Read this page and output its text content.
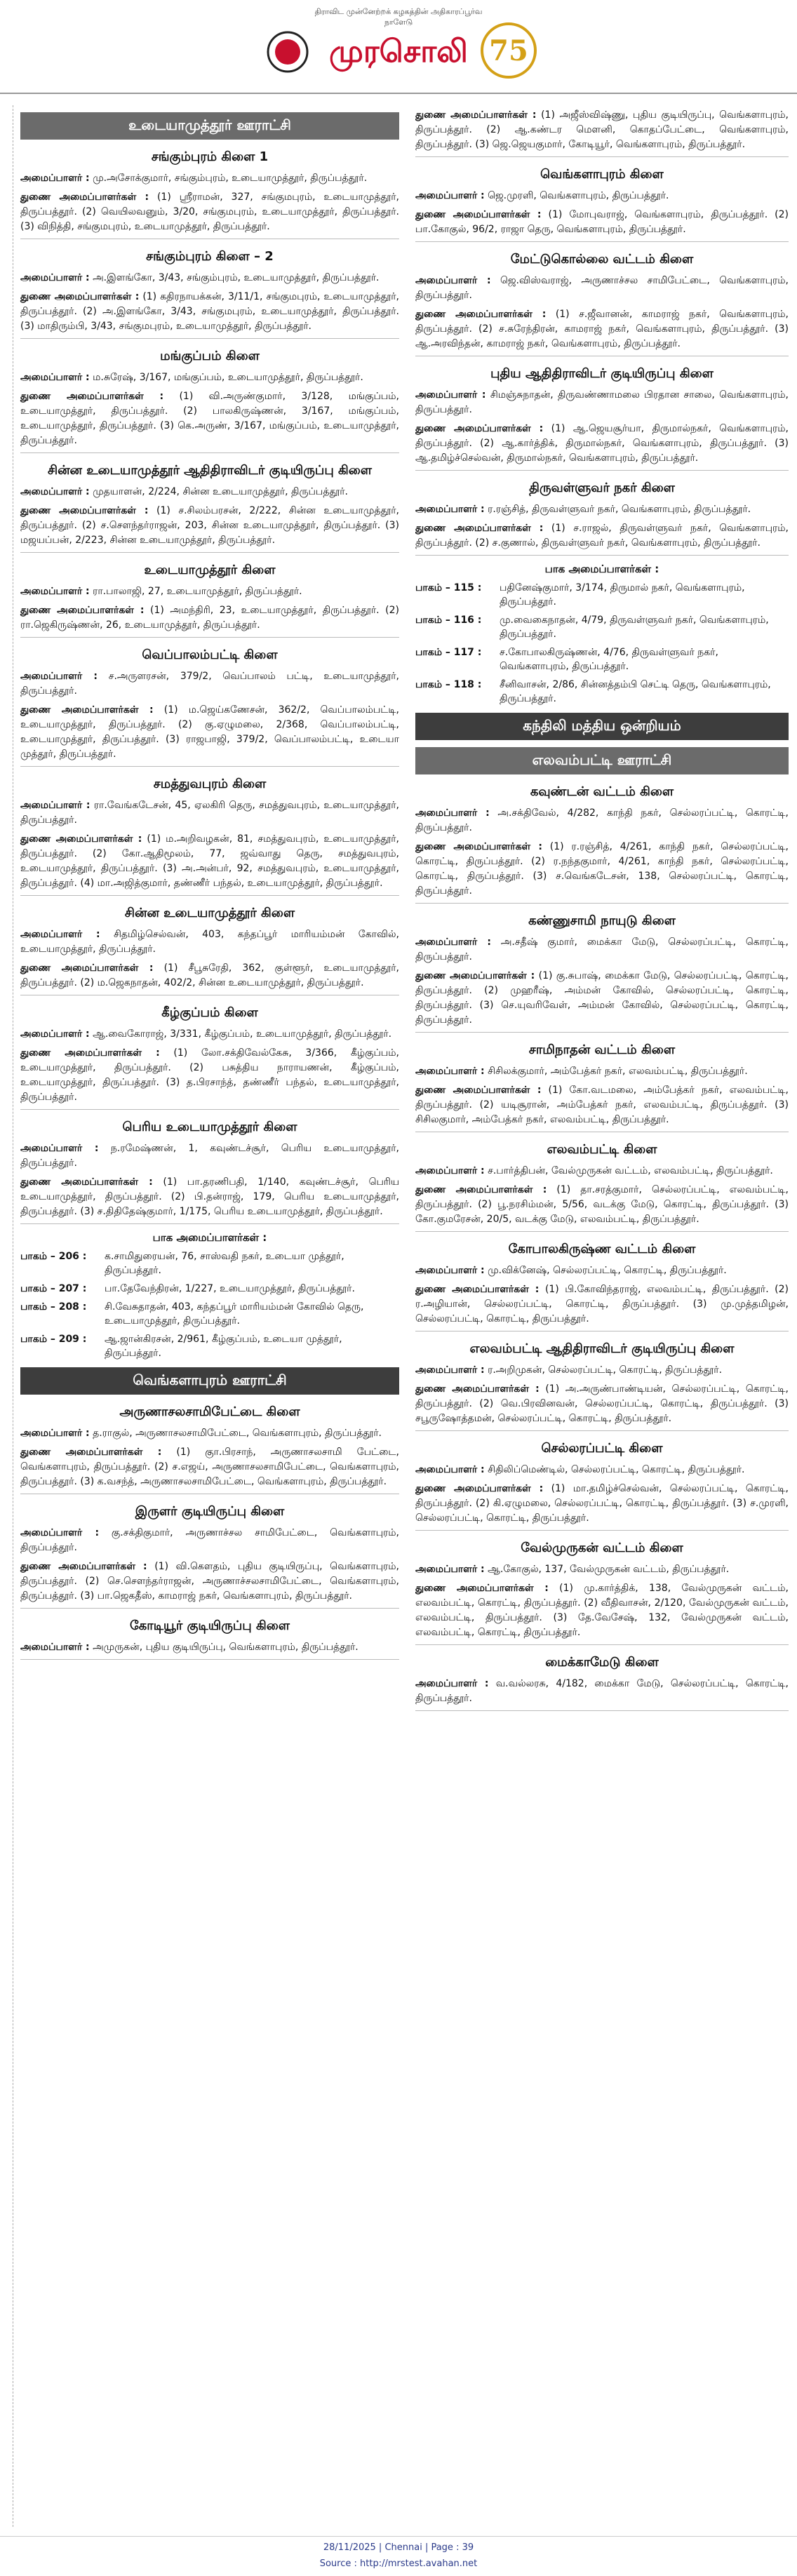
திராவிட முன்னேற்றக் கழகத்தின் அதிகாரப்பூர்வ நாளேடு
முரசொலி 75
உடையாமுத்தூர் ஊராட்சி
சங்கும்புரம் கிளை 1
அமைப்பாளர் : மு.அசோக்குமார், சங்கும்புரம், உடையாமுத்தூர், திருப்பத்தூர்.
துணை அமைப்பாளர்கள் : (1) ஸ்ரீராமன், 327, சங்குமபுரம், உடையாமுத்தூர், திருப்பத்தூர். (2) வெயிலவனும், 3/20, சங்குமபுரம், உடையாமுத்தூர், திருப்பத்தூர். (3) விநித்தி, சங்குமபுரம், உடையாமுத்தூர், திருப்பத்தூர்.
சங்கும்புரம் கிளை – 2
அமைப்பாளர் : அ.இளங்கோ, 3/43, சங்கும்புரம், உடையாமுத்தூர், திருப்பத்தூர்.
துணை அமைப்பாளர்கள் : (1) கதிரநாயக்கன், 3/11/1, சங்குமபுரம், உடையாமுத்தூர், திருப்பத்தூர். (2) அ.இளங்கோ, 3/43, சங்குமபுரம், உடையாமுத்தூர், திருப்பத்தூர். (3) மாதிரும்பி, 3/43, சங்குமபுரம், உடையாமுத்தூர், திருப்பத்தூர்.
மங்குப்பம் கிளை
அமைப்பாளர் : ம.சுரேஷ், 3/167, மங்குப்பம், உடையாமுத்தூர், திருப்பத்தூர்.
துணை அமைப்பாளர்கள் : (1) வி.அருண்குமார், 3/128, மங்குப்பம், உடையாமுத்தூர், திருப்பத்தூர். (2) பாலகிருஷ்ணன், 3/167, மங்குப்பம், உடையாமுத்தூர், திருப்பத்தூர். (3) கெ.அருண், 3/167, மங்குப்பம், உடையாமுத்தூர், திருப்பத்தூர்.
சின்ன உடையாமுத்தூர் ஆதிதிராவிடர் குடியிருப்பு கிளை
அமைப்பாளர் : முதயாளன், 2/224, சின்ன உடையாமுத்தூர், திருப்பத்தூர்.
துணை அமைப்பாளர்கள் : (1) ச.சிலம்பரசன், 2/222, சின்ன உடையாமுத்தூர், திருப்பத்தூர். (2) ச.சௌந்தர்ராஜன், 203, சின்ன உடையாமுத்தூர், திருப்பத்தூர். (3) மஜயப்பன், 2/223, சின்ன உடையாமுத்தூர், திருப்பத்தூர்.
உடையாமுத்தூர் கிளை
அமைப்பாளர் : ரா.பாலாஜி, 27, உடையாமுத்தூர், திருப்பத்தூர்.
துணை அமைப்பாளர்கள் : (1) அமந்திரி, 23, உடையாமுத்தூர், திருப்பத்தூர். (2) ரா.ஜெகிருஷ்ணன், 26, உடையாமுத்தூர், திருப்பத்தூர்.
வெப்பாலம்பட்டி கிளை
அமைப்பாளர் : ச.அருளரசன், 379/2, வெப்பாலம் பட்டி, உடையாமுத்தூர், திருப்பத்தூர்.
துணை அமைப்பாளர்கள் : (1) ம.ஜெய்கணேசன், 362/2, வெப்பாலம்பட்டி, உடையாமுத்தூர், திருப்பத்தூர். (2) கு.ஏழுமலை, 2/368, வெப்பாலம்பட்டி, உடையாமுத்தூர், திருப்பத்தூர். (3) ராஜபாஜி, 379/2, வெப்பாலம்பட்டி, உடையா முத்தூர், திருப்பத்தூர்.
சமத்துவபுரம் கிளை
அமைப்பாளர் : ரா.வேங்கடேசன், 45, ஏலகிரி தெரு, சமத்துவபுரம், உடையாமுத்தூர், திருப்பத்தூர்.
துணை அமைப்பாளர்கள் : (1) ம.அறிவழகன், 81, சமத்துவபுரம், உடையாமுத்தூர், திருப்பத்தூர். (2) கோ.ஆதிமூலம், 77, ஜவ்வாது தெரு, சமத்துவபுரம், உடையாமுத்தூர், திருப்பத்தூர். (3) அ.அன்பர், 92, சமத்துவபுரம், உடையாமுத்தூர், திருப்பத்தூர். (4) மா.அஜித்குமார், தண்ணீர் பந்தல், உடையாமுத்தூர், திருப்பத்தூர்.
சின்ன உடையாமுத்தூர் கிளை
அமைப்பாளர் : சிதமிழ்செல்வன், 403, கந்தப்பூர் மாரியம்மன் கோவில், உடையாமுத்தூர், திருப்பத்தூர்.
துணை அமைப்பாளர்கள் : (1) சீபூசுரேதி, 362, குள்ளூர், உடையாமுத்தூர், திருப்பத்தூர். (2) ம.ஜெகநாதன், 402/2, சின்ன உடையாமுத்தூர், திருப்பத்தூர்.
கீழ்குப்பம் கிளை
அமைப்பாளர் : ஆ.வைகோராஜ், 3/331, கீழ்குப்பம், உடையாமுத்தூர், திருப்பத்தூர்.
துணை அமைப்பாளர்கள் : (1) லோ.சக்திவேல்கேசு, 3/366, கீழ்குப்பம், உடையாமுத்தூர், திருப்பத்தூர். (2) பசுத்திய நாராயணன், கீழ்குப்பம், உடையாமுத்தூர், திருப்பத்தூர். (3) த.பிரசாந்த், தண்ணீர் பந்தல், உடையாமுத்தூர், திருப்பத்தூர்.
பெரிய உடையாமுத்தூர் கிளை
அமைப்பாளர் : ந.ரமேஷ்ணன், 1, கவுண்டச்சூர், பெரிய உடையாமுத்தூர், திருப்பத்தூர்.
துணை அமைப்பாளர்கள் : (1) பா.தரணிபதி, 1/140, கவுண்டச்சூர், பெரிய உடையாமுத்தூர், திருப்பத்தூர். (2) பி.தன்ராஜ், 179, பெரிய உடையாமுத்தூர், திருப்பத்தூர். (3) ச.திதிதேஷ்குமார், 1/175, பெரிய உடையாமுத்தூர், திருப்பத்தூர்.
பாக அமைப்பாளர்கள் :
பாகம் – 206 :	க.சாமிதுரையன், 76, சாஸ்வதி நகர், உடையா முத்தூர், திருப்பத்தூர்.
பாகம் – 207 :	பா.தேவேந்திரன், 1/227, உடையாமுத்தூர், திருப்பத்தூர்.
பாகம் – 208 :	சி.வேசுதாதன், 403, கந்தப்பூர் மாரியம்மன் கோவில் தெரு, உடையாமுத்தூர், திருப்பத்தூர்.
பாகம் – 209 :	ஆ.ஜான்கிரசன், 2/961, கீழ்குப்பம், உடையா முத்தூர், திருப்பத்தூர்.
வெங்களாபுரம் ஊராட்சி
அருணாசலசாமிபேட்டை கிளை
அமைப்பாளர் : த.ராகுல், அருணாசலசாமிபேட்டை, வெங்களாபுரம், திருப்பத்தூர்.
துணை அமைப்பாளர்கள் : (1) குா.பிரசாந், அருணாசலசாமி பேட்டை, வெங்களாபுரம், திருப்பத்தூர். (2) ச.எஜய், அருணாசலசாமிபேட்டை, வெங்களாபுரம், திருப்பத்தூர். (3) க.வசந்த், அருணாசலசாமிபேட்டை, வெங்களாபுரம், திருப்பத்தூர்.
இருளர் குடியிருப்பு கிளை
அமைப்பாளர் : கு.சக்திகுமார், அருணாச்சல சாமிபேட்டை, வெங்களாபுரம், திருப்பத்தூர்.
துணை அமைப்பாளர்கள் : (1) வி.கௌதம், புதிய குடியிருப்பு, வெங்களாபுரம், திருப்பத்தூர். (2) செ.சௌந்தர்ராஜன், அருணாச்சலசாமிபேட்டை, வெங்களாபுரம், திருப்பத்தூர். (3) பா.ஜெகதீஸ், காமராஜ் நகர், வெங்களாபுரம், திருப்பத்தூர்.
கோடியூர் குடியிருப்பு கிளை
அமைப்பாளர் : அமுருகன், புதிய குடியிருப்பு, வெங்களாபுரம், திருப்பத்தூர்.
துணை அமைப்பாளர்கள் : (1) அஜீஸ்விஷ்ணு, புதிய குடியிருப்பு, வெங்களாபுரம், திருப்பத்தூர். (2) ஆ.கண்டர மௌனி, கொதப்பேட்டை, வெங்களாபுரம், திருப்பத்தூர். (3) ஜெ.ஜெயகுமார், கோடியூர், வெங்களாபுரம், திருப்பத்தூர்.
வெங்களாபுரம் கிளை
அமைப்பாளர் : ஜெ.முரளி, வெங்களாபுரம், திருப்பத்தூர்.
துணை அமைப்பாளர்கள் : (1) மோபுவராஜ், வெங்களாபுரம், திருப்பத்தூர். (2) பா.கோகுல், 96/2, ராஜா தெரு, வெங்களாபுரம், திருப்பத்தூர்.
மேட்டுகொல்லை வட்டம் கிளை
அமைப்பாளர் : ஜெ.விஸ்வராஜ், அருணாச்சல சாமிபேட்டை, வெங்களாபுரம், திருப்பத்தூர்.
துணை அமைப்பாளர்கள் : (1) ச.ஜீவானன், காமராஜ் நகர், வெங்களாபுரம், திருப்பத்தூர். (2) ச.சுரேந்திரன், காமராஜ் நகர், வெங்களாபுரம், திருப்பத்தூர். (3) ஆ.அரவிந்தன், காமராஜ் நகர், வெங்களாபுரம், திருப்பத்தூர்.
புதிய ஆதிதிராவிடர் குடியிருப்பு கிளை
அமைப்பாளர் : சிமஞ்சுநாதன், திருவண்ணாமலை பிரதான சாலை, வெங்களாபுரம், திருப்பத்தூர்.
துணை அமைப்பாளர்கள் : (1) ஆ.ஜெயசூர்யா, திருமால்நகர், வெங்களாபுரம், திருப்பத்தூர். (2) ஆ.கார்த்திக், திருமால்நகர், வெங்களாபுரம், திருப்பத்தூர். (3) ஆ.தமிழ்ச்செல்வன், திருமால்நகர், வெங்களாபுரம், திருப்பத்தூர்.
திருவள்ளுவர் நகர் கிளை
அமைப்பாளர் : ர.ரஞ்சித், திருவள்ளுவர் நகர், வெங்களாபுரம், திருப்பத்தூர்.
துணை அமைப்பாளர்கள் : (1) ச.ராஜல், திருவள்ளுவர் நகர், வெங்களாபுரம், திருப்பத்தூர். (2) ச.குணால், திருவள்ளுவர் நகர், வெங்களாபுரம், திருப்பத்தூர்.
பாக அமைப்பாளர்கள் :
பாகம் – 115 :	பதினேஷ்குமார், 3/174, திருமால் நகர், வெங்களாபுரம், திருப்பத்தூர்.
பாகம் – 116 :	மு.வைகைநாதன், 4/79, திருவள்ளுவர் நகர், வெங்களாபுரம், திருப்பத்தூர்.
பாகம் – 117 :	ச.கோபாலகிருஷ்ணன், 4/76, திருவள்ளுவர் நகர், வெங்களாபுரம், திருப்பத்தூர்.
பாகம் – 118 :	சீனிவாசன், 2/86, சின்னத்தம்பி செட்டி தெரு, வெங்களாபுரம், திருப்பத்தூர்.
கந்திலி மத்திய ஒன்றியம்
எலவம்பட்டி ஊராட்சி
கவுண்டன் வட்டம் கிளை
அமைப்பாளர் : அ.சக்திவேல், 4/282, காந்தி நகர், செல்லரப்பட்டி, கொரட்டி, திருப்பத்தூர்.
துணை அமைப்பாளர்கள் : (1) ர.ரஞ்சித், 4/261, காந்தி நகர், செல்லரப்பட்டி, கொரட்டி, திருப்பத்தூர். (2) ர.நந்தகுமார், 4/261, காந்தி நகர், செல்லரப்பட்டி, கொரட்டி, திருப்பத்தூர். (3) ச.வெங்கடேசன், 138, செல்லரப்பட்டி, கொரட்டி, திருப்பத்தூர்.
கண்ணுசாமி நாயுடு கிளை
அமைப்பாளர் : அ.சதீஷ் குமார், மைக்கா மேடு, செல்லரப்பட்டி, கொரட்டி, திருப்பத்தூர்.
துணை அமைப்பாளர்கள் : (1) கு.சுபாஷ், மைக்கா மேடு, செல்லரப்பட்டி, கொரட்டி, திருப்பத்தூர். (2) முஹரீஷ், அம்மன் கோவில், செல்லரப்பட்டி, கொரட்டி, திருப்பத்தூர். (3) செ.யுவரிவேள், அம்மன் கோவில், செல்லரப்பட்டி, கொரட்டி, திருப்பத்தூர்.
சாமிநாதன் வட்டம் கிளை
அமைப்பாளர் : சிசிலக்குமார், அம்பேத்கர் நகர், எலவம்பட்டி, திருப்பத்தூர்.
துணை அமைப்பாளர்கள் : (1) கோ.வடமலை, அம்பேத்கர் நகர், எலவம்பட்டி, திருப்பத்தூர். (2) யடிசூரான், அம்பேத்கர் நகர், எலவம்பட்டி, திருப்பத்தூர். (3) சிசிலகுமார், அம்பேத்கர் நகர், எலவம்பட்டி, திருப்பத்தூர்.
எலவம்பட்டி கிளை
அமைப்பாளர் : ச.பார்த்திபன், வேல்முருகன் வட்டம், எலவம்பட்டி, திருப்பத்தூர்.
துணை அமைப்பாளர்கள் : (1) தா.சரத்குமார், செல்லரப்பட்டி, எலவம்பட்டி, திருப்பத்தூர். (2) பூ.நரசிம்மன், 5/56, வடக்கு மேடு, கொரட்டி, திருப்பத்தூர். (3) கோ.குமரேசன், 20/5, வடக்கு மேடு, எலவம்பட்டி, திருப்பத்தூர்.
கோபாலகிருஷ்ண வட்டம் கிளை
அமைப்பாளர் : மு.விக்னேஷ், செல்லரப்பட்டி, கொரட்டி, திருப்பத்தூர்.
துணை அமைப்பாளர்கள் : (1) பி.கோவிந்தராஜ், எலவம்பட்டி, திருப்பத்தூர். (2) ர.அழியான், செல்லரப்பட்டி, கொரட்டி, திருப்பத்தூர். (3) மு.முத்தமிழன், செல்லரப்பட்டி, கொரட்டி, திருப்பத்தூர்.
எலவம்பட்டி ஆதிதிராவிடர் குடியிருப்பு கிளை
அமைப்பாளர் : ர.அறிமுகன், செல்லரப்பட்டி, கொரட்டி, திருப்பத்தூர்.
துணை அமைப்பாளர்கள் : (1) அ.அருண்பாண்டியன், செல்லரப்பட்டி, கொரட்டி, திருப்பத்தூர். (2) வெ.பிரவினவன், செல்லரப்பட்டி, கொரட்டி, திருப்பத்தூர். (3) சபூருஷோத்தமன், செல்லரப்பட்டி, கொரட்டி, திருப்பத்தூர்.
செல்லரப்பட்டி கிளை
அமைப்பாளர் : சிதிலிப்மெண்டில், செல்லரப்பட்டி, கொரட்டி, திருப்பத்தூர்.
துணை அமைப்பாளர்கள் : (1) மா.தமிழ்ச்செல்வன், செல்லரப்பட்டி, கொரட்டி, திருப்பத்தூர். (2) கி.ஏழுமலை, செல்லரப்பட்டி, கொரட்டி, திருப்பத்தூர். (3) ச.முரளி, செல்லரப்பட்டி, கொரட்டி, திருப்பத்தூர்.
வேல்முருகன் வட்டம் கிளை
அமைப்பாளர் : ஆ.கோகுல், 137, வேல்முருகன் வட்டம், திருப்பத்தூர்.
துணை அமைப்பாளர்கள் : (1) மு.கார்த்திக், 138, வேல்முருகன் வட்டம், எலவம்பட்டி, கொரட்டி, திருப்பத்தூர். (2) வீதிவாசன், 2/120, வேல்முருகன் வட்டம், எலவம்பட்டி, திருப்பத்தூர். (3) தே.வேசேஷ், 132, வேல்முருகன் வட்டம், எலவம்பட்டி, கொரட்டி, திருப்பத்தூர்.
மைக்காமேடு கிளை
அமைப்பாளர் : வ.வல்லரசு, 4/182, மைக்கா மேடு, செல்லரப்பட்டி, கொரட்டி, திருப்பத்தூர்.
28/11/2025 | Chennai | Page : 39
Source : http://mrstest.avahan.net
